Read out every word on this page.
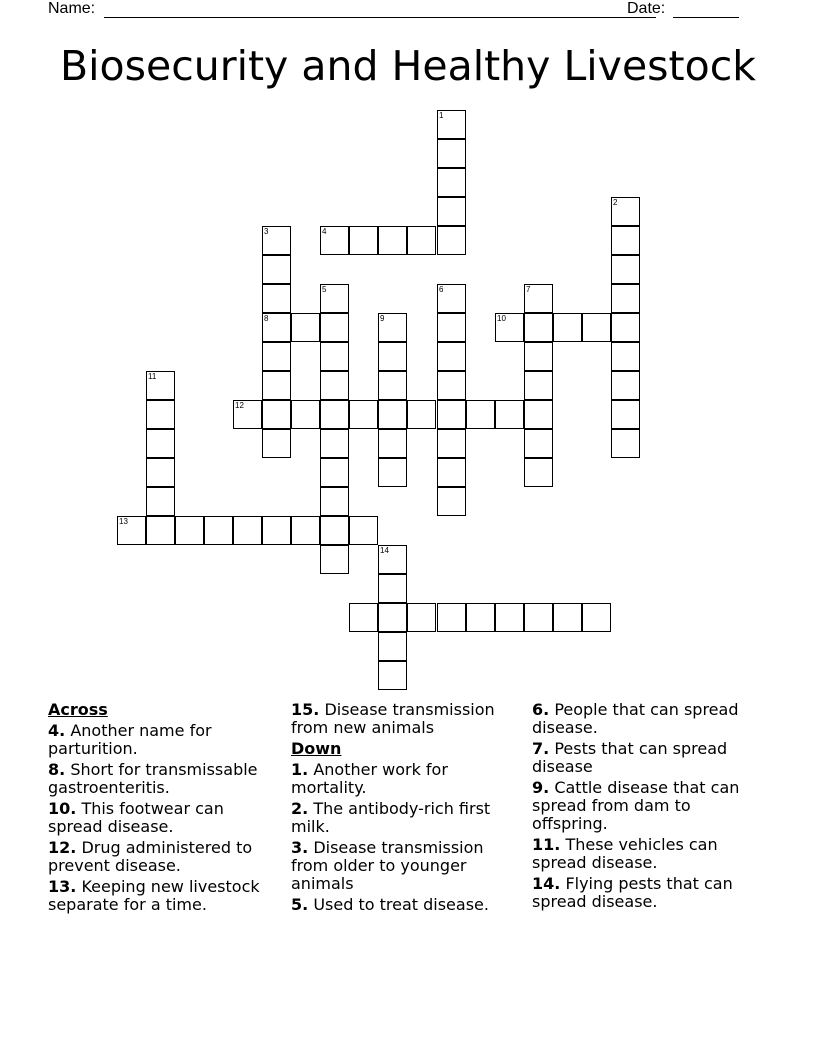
Name:	Date:
Biosecurity and Healthy Livestock
1
4
2
3
8
5	6	7
9	10
11
12
13
14
Across
4. Another name for parturition.
8. Short for transmissable gastroenteritis.
10. This footwear can spread disease.
12. Drug administered to prevent disease.
13. Keeping new livestock separate for a time.
15. Disease transmission from new animals
Down
1. Another work for mortality.
2. The antibody-rich first milk.
3. Disease transmission from older to younger animals
5. Used to treat disease.
6. People that can spread disease.
7. Pests that can spread disease
9. Cattle disease that can spread from dam to offspring.
11. These vehicles can spread disease.
14. Flying pests that can spread disease.
